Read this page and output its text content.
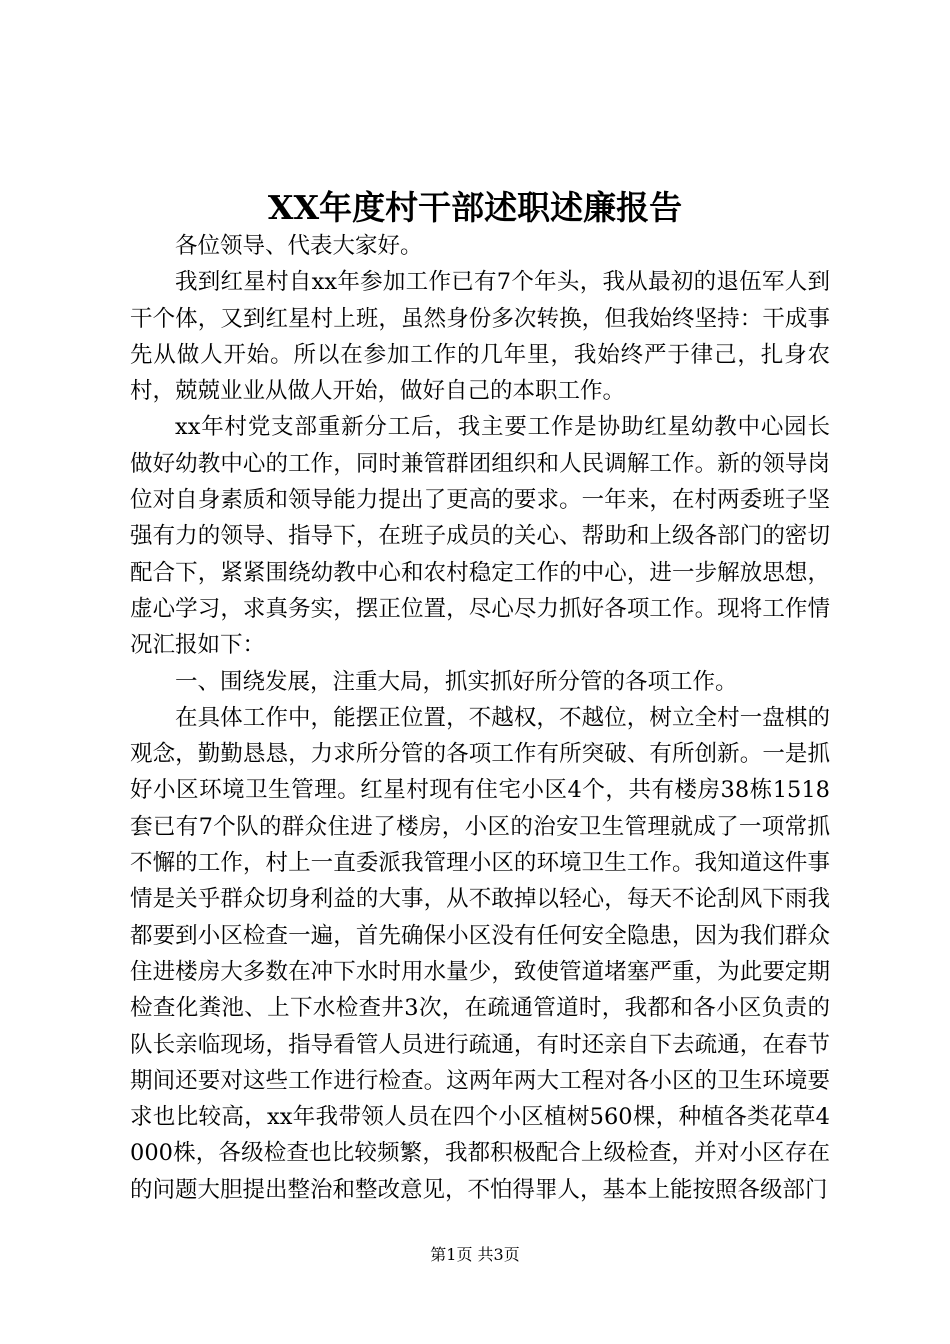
XX年度村干部述职述廉报告

各位领导、代表大家好。

我到红星村自xx年参加工作已有7个年头，我从最初的退伍军人到干个体，又到红星村上班，虽然身份多次转换，但我始终坚持：干成事先从做人开始。所以在参加工作的几年里，我始终严于律己，扎身农村，兢兢业业从做人开始，做好自己的本职工作。

xx年村党支部重新分工后，我主要工作是协助红星幼教中心园长做好幼教中心的工作，同时兼管群团组织和人民调解工作。新的领导岗位对自身素质和领导能力提出了更高的要求。一年来，在村两委班子坚强有力的领导、指导下，在班子成员的关心、帮助和上级各部门的密切配合下，紧紧围绕幼教中心和农村稳定工作的中心，进一步解放思想，虚心学习，求真务实，摆正位置，尽心尽力抓好各项工作。现将工作情况汇报如下：

一、围绕发展，注重大局，抓实抓好所分管的各项工作。

在具体工作中，能摆正位置，不越权，不越位，树立全村一盘棋的观念，勤勤恳恳，力求所分管的各项工作有所突破、有所创新。一是抓好小区环境卫生管理。红星村现有住宅小区4个，共有楼房38栋1518套已有7个队的群众住进了楼房，小区的治安卫生管理就成了一项常抓不懈的工作，村上一直委派我管理小区的环境卫生工作。我知道这件事情是关乎群众切身利益的大事，从不敢掉以轻心，每天不论刮风下雨我都要到小区检查一遍，首先确保小区没有任何安全隐患，因为我们群众住进楼房大多数在冲下水时用水量少，致使管道堵塞严重，为此要定期检查化粪池、上下水检查井3次，在疏通管道时，我都和各小区负责的队长亲临现场，指导看管人员进行疏通，有时还亲自下去疏通，在春节期间还要对这些工作进行检查。这两年两大工程对各小区的卫生环境要求也比较高，xx年我带领人员在四个小区植树560棵，种植各类花草4000株，各级检查也比较频繁，我都积极配合上级检查，并对小区存在的问题大胆提出整治和整改意见，不怕得罪人，基本上能按照各级部门

第1页 共3页
